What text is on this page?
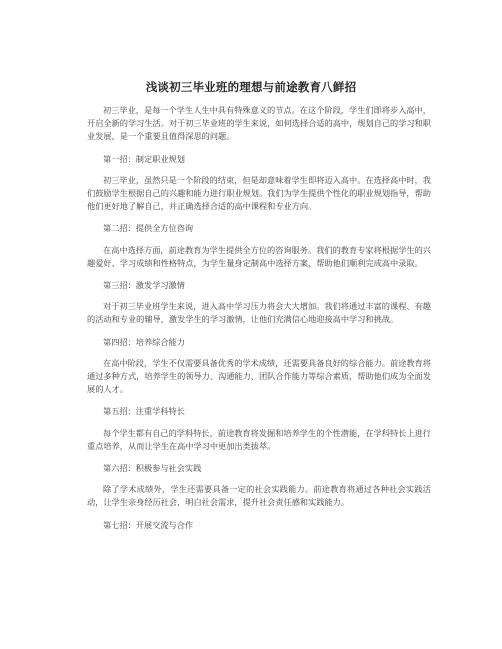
浅谈初三毕业班的理想与前途教育八鲜招

初三毕业，是每一个学生人生中具有特殊意义的节点。在这个阶段，学生们即将步入高中，开启全新的学习生活。对于初三毕业班的学生来说，如何选择合适的高中，规划自己的学习和职业发展，是一个重要且值得深思的问题。

第一招：制定职业规划

初三毕业，虽然只是一个阶段的结束，但是却意味着学生即将迈入高中。在选择高中时，我们鼓励学生根据自己的兴趣和能力进行职业规划。我们为学生提供个性化的职业规划指导，帮助他们更好地了解自己，并正确选择合适的高中课程和专业方向。

第二招：提供全方位咨询

在高中选择方面，前途教育为学生提供全方位的咨询服务。我们的教育专家将根据学生的兴趣爱好、学习成绩和性格特点，为学生量身定制高中选择方案，帮助他们顺利完成高中录取。

第三招：激发学习激情

对于初三毕业班学生来说，进入高中学习压力将会大大增加。我们将通过丰富的课程、有趣的活动和专业的辅导，激发学生的学习激情，让他们充满信心地迎接高中学习和挑战。

第四招：培养综合能力

在高中阶段，学生不仅需要具备优秀的学术成绩，还需要具备良好的综合能力。前途教育将通过多种方式，培养学生的领导力、沟通能力、团队合作能力等综合素质，帮助他们成为全面发展的人才。

第五招：注重学科特长

每个学生都有自己的学科特长，前途教育将发掘和培养学生的个性潜能，在学科特长上进行重点培养，从而让学生在高中学习中更加出类拔萃。

第六招：积极参与社会实践

除了学术成绩外，学生还需要具备一定的社会实践能力。前途教育将通过各种社会实践活动，让学生亲身经历社会，明白社会需求，提升社会责任感和实践能力。

第七招：开展交流与合作
